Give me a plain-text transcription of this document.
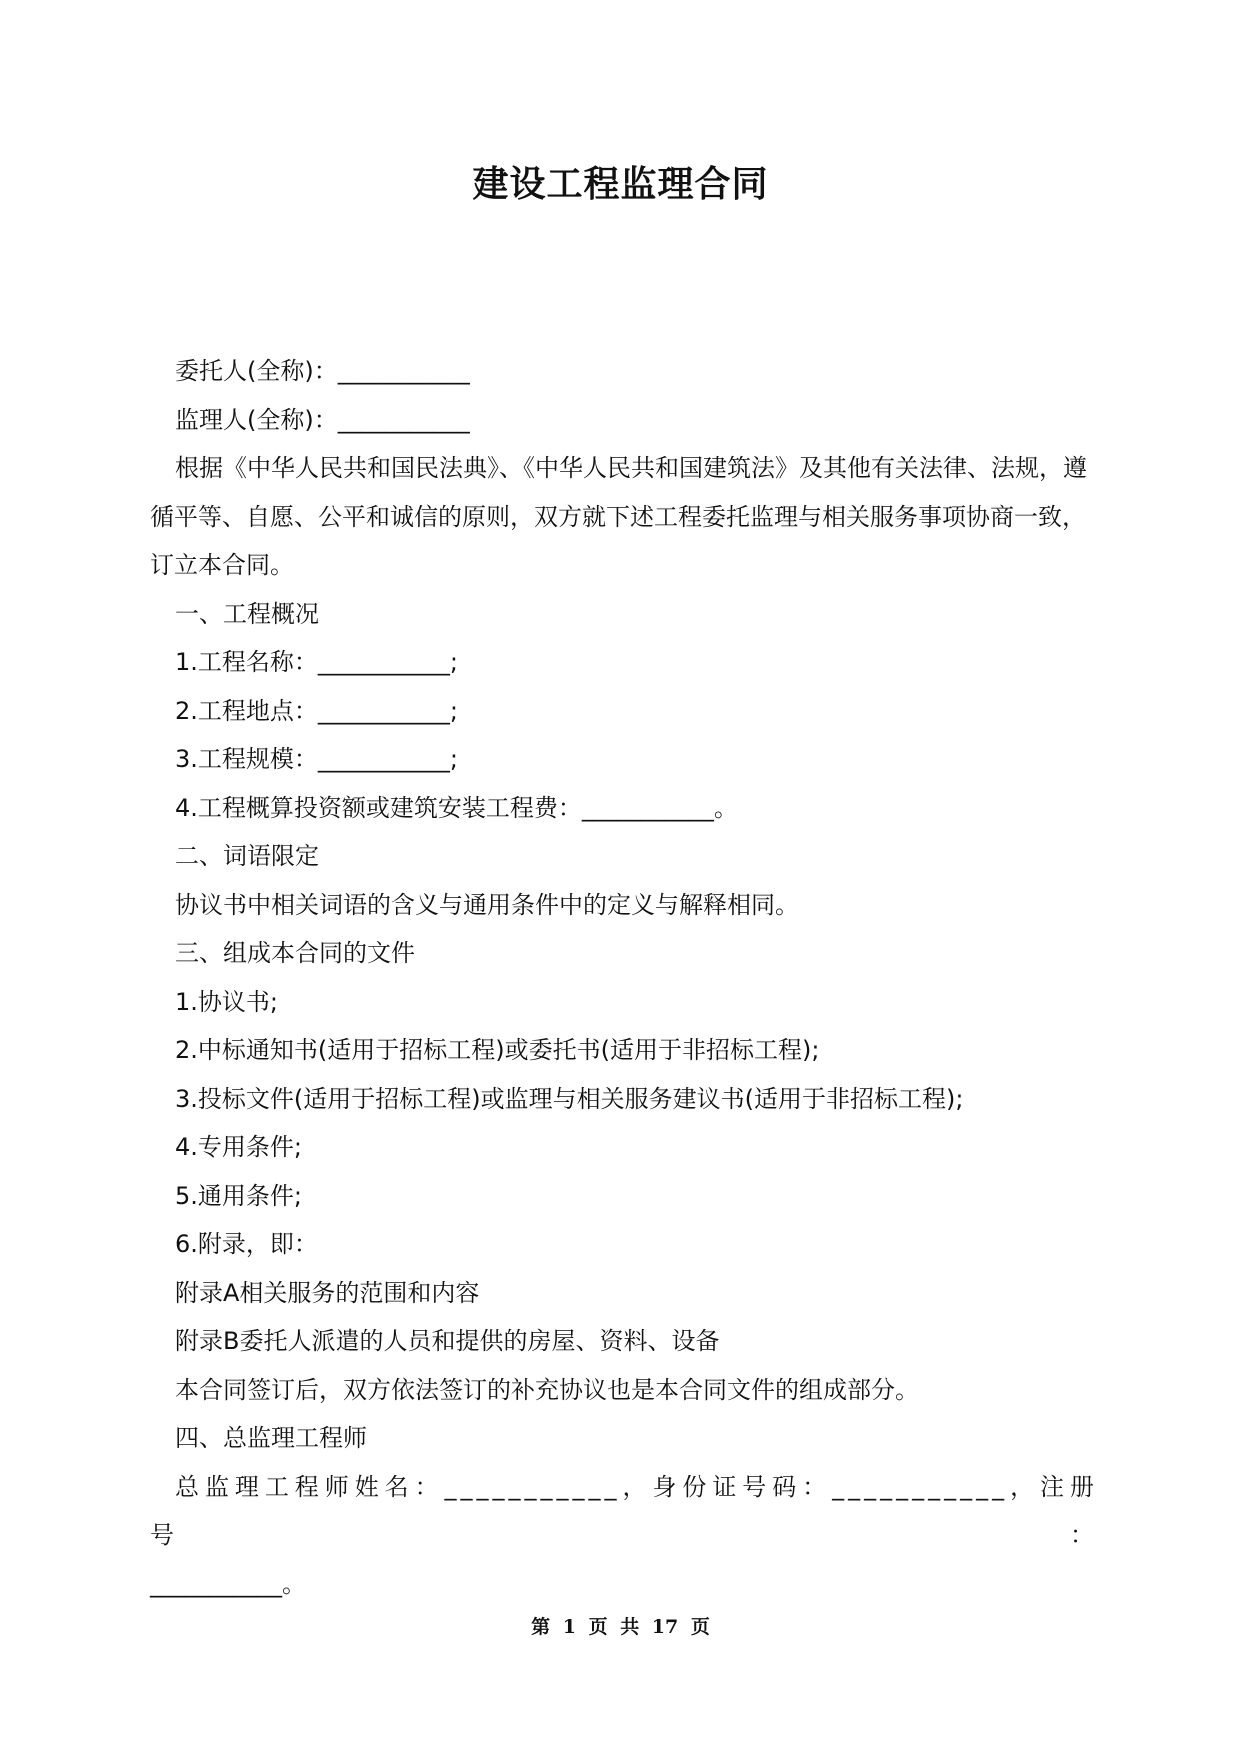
建设工程监理合同

委托人(全称)：___________

监理人(全称)：___________

根据《中华人民共和国民法典》、《中华人民共和国建筑法》及其他有关法律、法规，遵循平等、自愿、公平和诚信的原则，双方就下述工程委托监理与相关服务事项协商一致，订立本合同。

一、工程概况

1.工程名称：___________;

2.工程地点：___________;

3.工程规模：___________;

4.工程概算投资额或建筑安装工程费：___________。

二、词语限定

协议书中相关词语的含义与通用条件中的定义与解释相同。

三、组成本合同的文件

1.协议书;

2.中标通知书(适用于招标工程)或委托书(适用于非招标工程);

3.投标文件(适用于招标工程)或监理与相关服务建议书(适用于非招标工程);

4.专用条件;

5.通用条件;

6.附录，即：

附录A相关服务的范围和内容

附录B委托人派遣的人员和提供的房屋、资料、设备

本合同签订后，双方依法签订的补充协议也是本合同文件的组成部分。

四、总监理工程师

总监理工程师姓名：___________，身份证号码：___________，注册号：

___________。

第 1 页 共 17 页
